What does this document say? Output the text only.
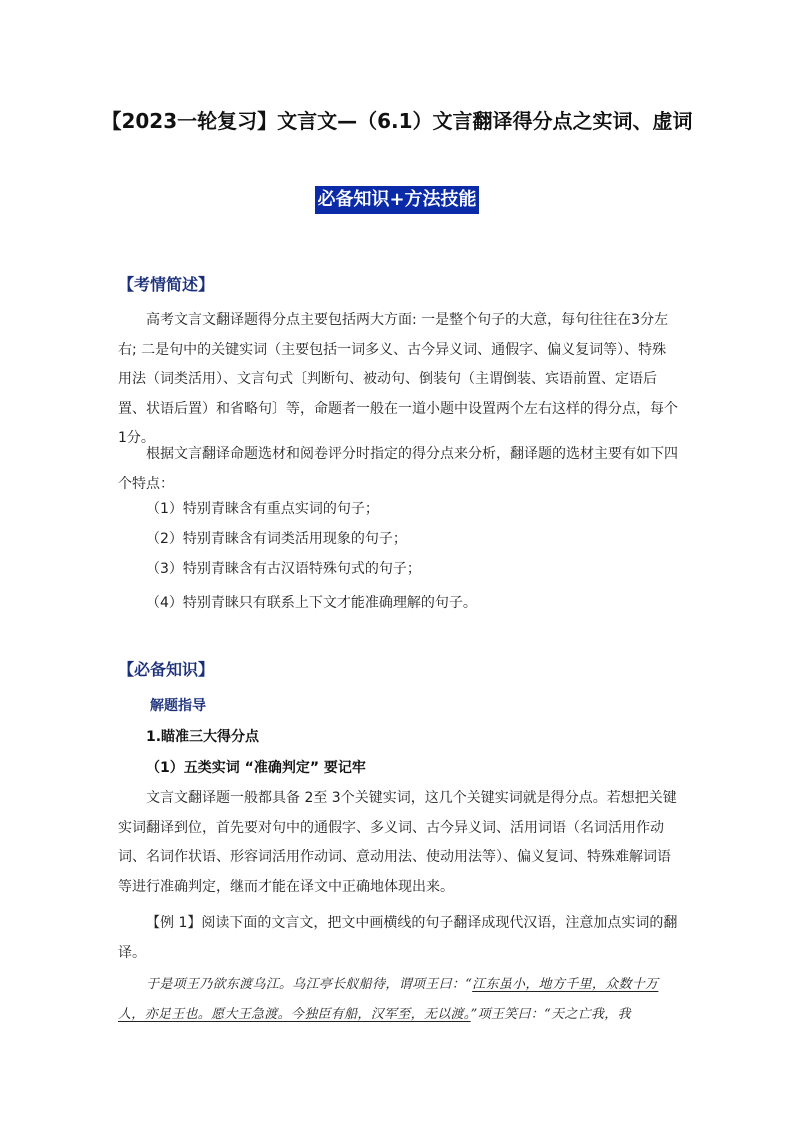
【2023一轮复习】文言文—（6.1）文言翻译得分点之实词、虚词
必备知识+方法技能
【考情简述】

高考文言文翻译题得分点主要包括两大方面: 一是整个句子的大意，每句往往在3分左右; 二是句中的关键实词（主要包括一词多义、古今异义词、通假字、偏义复词等）、特殊用法（词类活用）、文言句式〔判断句、被动句、倒装句（主谓倒装、宾语前置、定语后置、状语后置）和省略句〕等，命题者一般在一道小题中设置两个左右这样的得分点，每个1分。

根据文言翻译命题选材和阅卷评分时指定的得分点来分析，翻译题的选材主要有如下四个特点：

（1）特别青睐含有重点实词的句子；
（2）特别青睐含有词类活用现象的句子；
（3）特别青睐含有古汉语特殊句式的句子；
（4）特别青睐只有联系上下文才能准确理解的句子。
【必备知识】
解题指导
1.瞄准三大得分点
（1）五类实词 “准确判定” 要记牢

文言文翻译题一般都具备 2至 3个关键实词，这几个关键实词就是得分点。若想把关键实词翻译到位，首先要对句中的通假字、多义词、古今异义词、活用词语（名词活用作动词、名词作状语、形容词活用作动词、意动用法、使动用法等）、偏义复词、特殊难解词语等进行准确判定，继而才能在译文中正确地体现出来。

【例 1】阅读下面的文言文，把文中画横线的句子翻译成现代汉语，注意加点实词的翻译。

于是项王乃欲东渡乌江。乌江亭长舣船待，谓项王曰：“江东虽小，地方千里，众数十万人，亦足王也。愿大王急渡。今独臣有船，汉军至，无以渡。”项王笑曰：“天之亡我，我
